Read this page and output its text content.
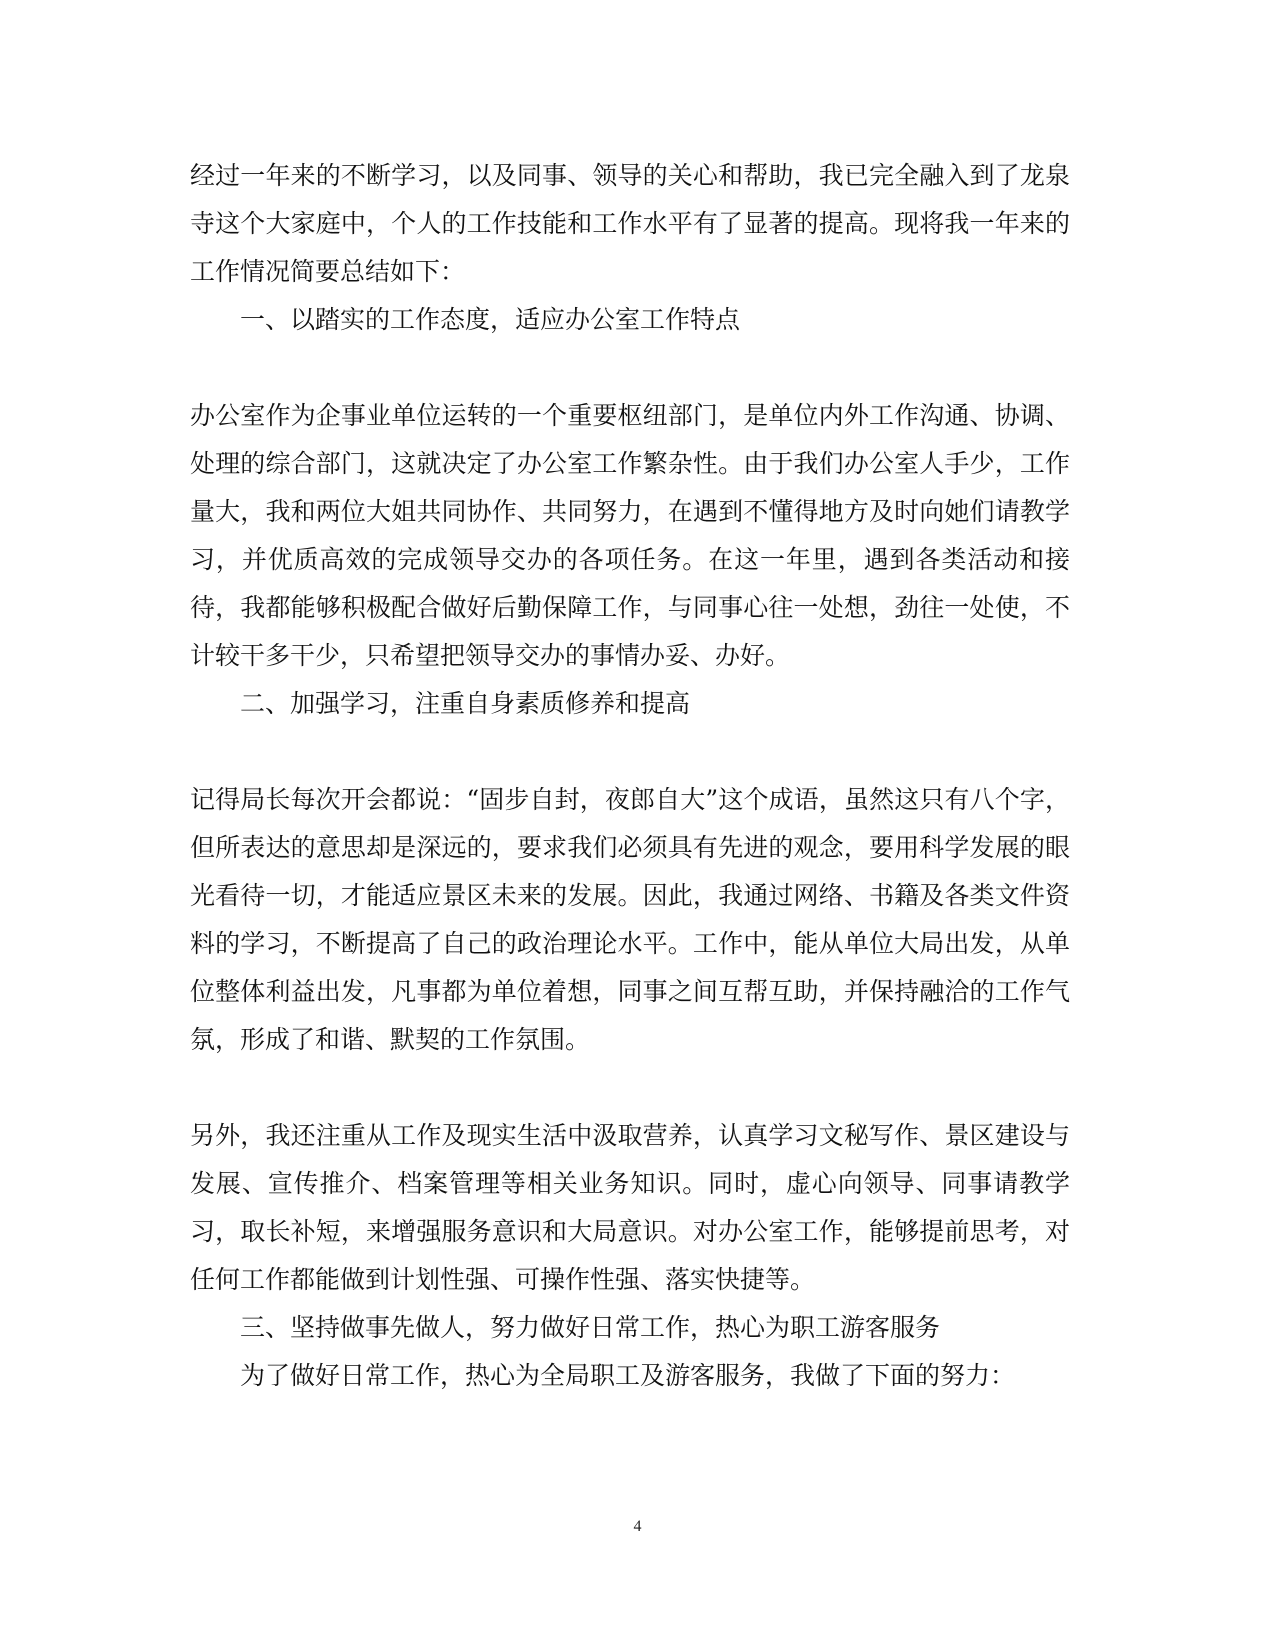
经过一年来的不断学习，以及同事、领导的关心和帮助，我已完全融入到了龙泉寺这个大家庭中，个人的工作技能和工作水平有了显著的提高。现将我一年来的工作情况简要总结如下：

一、以踏实的工作态度，适应办公室工作特点

办公室作为企事业单位运转的一个重要枢纽部门，是单位内外工作沟通、协调、处理的综合部门，这就决定了办公室工作繁杂性。由于我们办公室人手少，工作量大，我和两位大姐共同协作、共同努力，在遇到不懂得地方及时向她们请教学习，并优质高效的完成领导交办的各项任务。在这一年里，遇到各类活动和接待，我都能够积极配合做好后勤保障工作，与同事心往一处想，劲往一处使，不计较干多干少，只希望把领导交办的事情办妥、办好。

二、加强学习，注重自身素质修养和提高

记得局长每次开会都说：“固步自封，夜郎自大”这个成语，虽然这只有八个字，但所表达的意思却是深远的，要求我们必须具有先进的观念，要用科学发展的眼光看待一切，才能适应景区未来的发展。因此，我通过网络、书籍及各类文件资料的学习，不断提高了自己的政治理论水平。工作中，能从单位大局出发，从单位整体利益出发，凡事都为单位着想，同事之间互帮互助，并保持融洽的工作气氛，形成了和谐、默契的工作氛围。

另外，我还注重从工作及现实生活中汲取营养，认真学习文秘写作、景区建设与发展、宣传推介、档案管理等相关业务知识。同时，虚心向领导、同事请教学习，取长补短，来增强服务意识和大局意识。对办公室工作，能够提前思考，对任何工作都能做到计划性强、可操作性强、落实快捷等。

三、坚持做事先做人，努力做好日常工作，热心为职工游客服务

为了做好日常工作，热心为全局职工及游客服务，我做了下面的努力：

4
